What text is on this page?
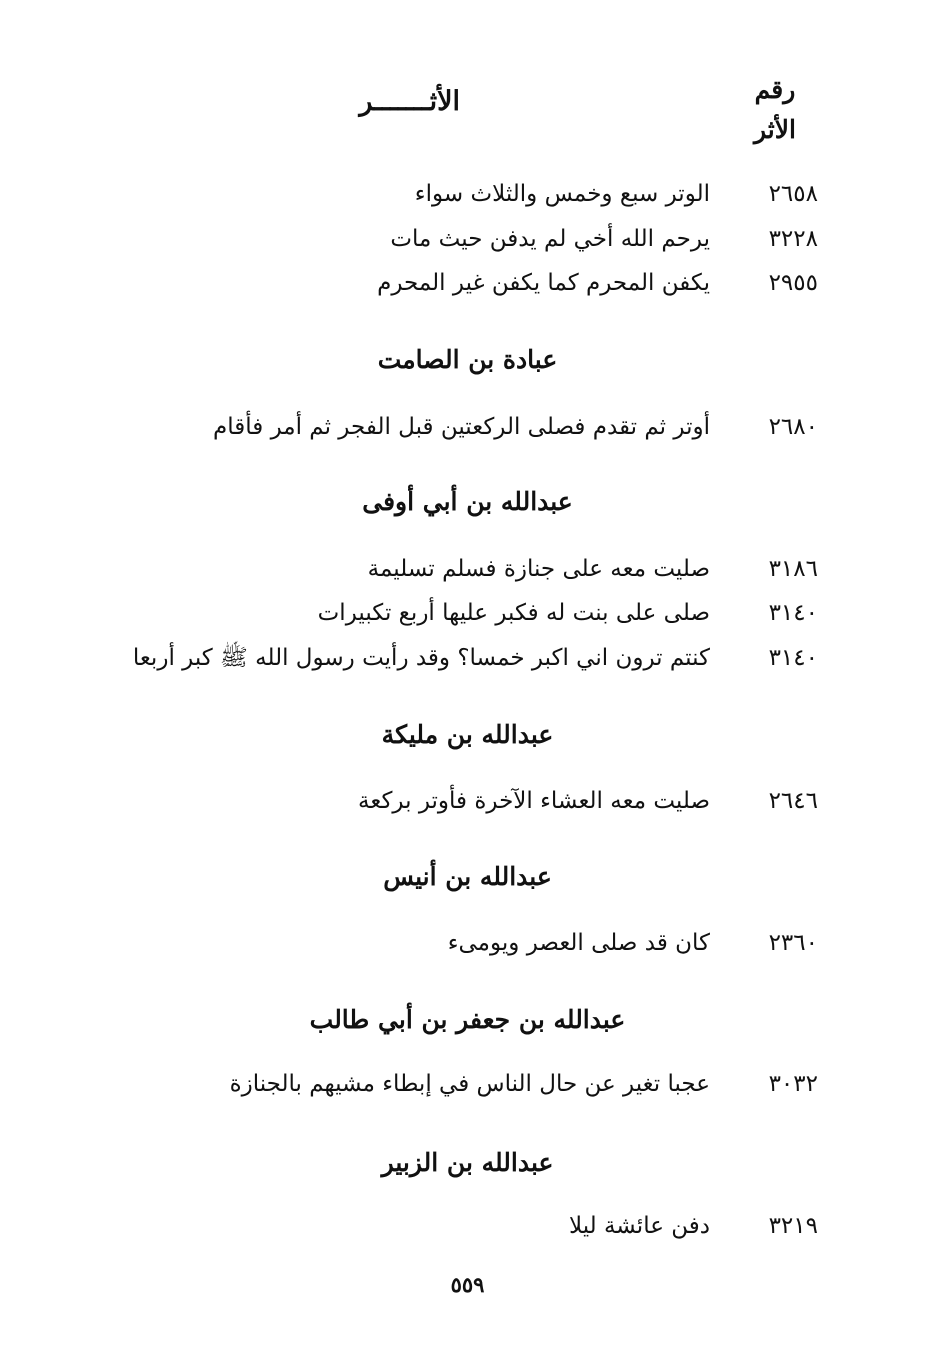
رقم
الأثر
الأثـــــــر
٢٦٥٨
الوتر سبع وخمس والثلاث سواء
٣٢٢٨
يرحم الله أخي لم يدفن حيث مات
٢٩٥٥
يكفن المحرم كما يكفن غير المحرم
عبادة بن الصامت
٢٦٨٠
أوتر ثم تقدم فصلى الركعتين قبل الفجر ثم أمر فأقام
عبدالله بن أبي أوفى
٣١٨٦
صليت معه على جنازة فسلم تسليمة
٣١٤٠
صلى على بنت له فكبر عليها أربع تكبيرات
٣١٤٠
كنتم ترون اني اكبر خمسا؟ وقد رأيت رسول الله ﷺ كبر أربعا
عبدالله بن مليكة
٢٦٤٦
صليت معه العشاء الآخرة فأوتر بركعة
عبدالله بن أنيس
٢٣٦٠
كان قد صلى العصر ويومىء
عبدالله بن جعفر بن أبي طالب
٣٠٣٢
عجبا تغير عن حال الناس في إبطاء مشيهم بالجنازة
عبدالله بن الزبير
٣٢١٩
دفن عائشة ليلا
٥٥٩
